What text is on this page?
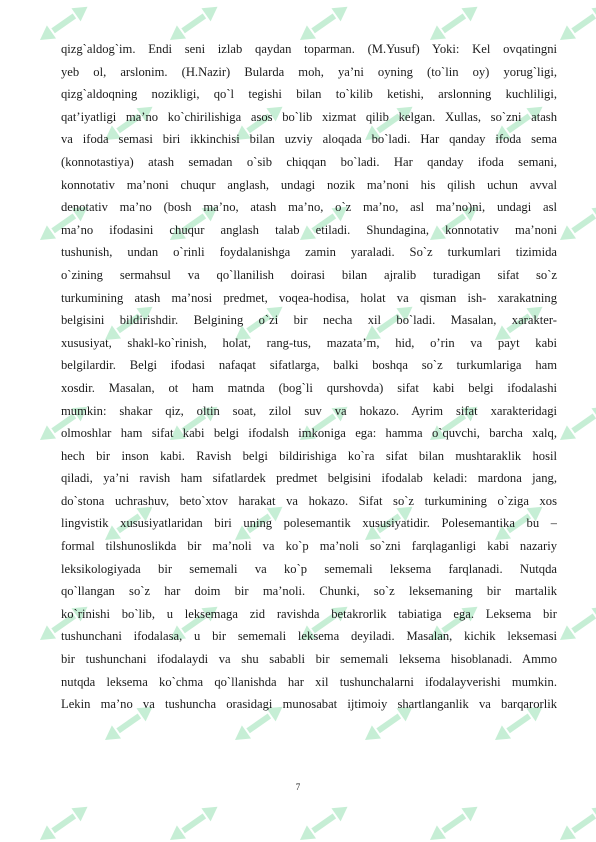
qizg`aldog`im. Endi seni izlab qaydan toparman. (M.Yusuf) Yoki: Kel ovqatingni
yeb ol, arslonim. (H.Nazir) Bularda moh, ya’ni oyning (to`lin oy) yorug`ligi,
qizg`aldoqning nozikligi, qo`l tegishi bilan to`kilib ketishi, arslonning kuchliligi,
qat’iyatligi ma’no ko`chirilishiga asos bo`lib xizmat qilib kelgan. Xullas, so`zni atash
va ifoda semasi biri ikkinchisi bilan uzviy aloqada bo`ladi. Har qanday ifoda sema
(konnotastiya) atash semadan o`sib chiqqan bo`ladi. Har qanday ifoda semani,
konnotativ ma’noni chuqur anglash, undagi nozik ma’noni his qilish uchun avval
denotativ ma’no (bosh ma’no, atash ma’no, o`z ma’no, asl ma’no)ni, undagi asl
ma’no ifodasini chuqur anglash talab etiladi. Shundagina, konnotativ ma’noni
tushunish, undan o`rinli foydalanishga zamin yaraladi. So`z turkumlari tizimida
o`zining sermahsul va qo`llanilish doirasi bilan ajralib turadigan sifat so`z
turkumining atash ma’nosi predmet, voqea-hodisa, holat va qisman ish- xarakatning
belgisini bildirishdir. Belgining o`zi bir necha xil bo`ladi. Masalan, xarakter-
xususiyat, shakl-ko`rinish, holat, rang-tus, mazata’m, hid, o’rin va payt kabi
belgilardir. Belgi ifodasi nafaqat sifatlarga, balki boshqa so`z turkumlariga ham
xosdir. Masalan, ot ham matnda (bog`li qurshovda) sifat kabi belgi ifodalashi
mumkin: shakar qiz, oltin soat, zilol suv va hokazo. Ayrim sifat xarakteridagi
olmoshlar ham sifat kabi belgi ifodalsh imkoniga ega: hamma o`quvchi, barcha xalq,
hech bir inson kabi. Ravish belgi bildirishiga ko`ra sifat bilan mushtaraklik hosil
qiladi, ya’ni ravish ham sifatlardek predmet belgisini ifodalab keladi: mardona jang,
do`stona uchrashuv, beto`xtov harakat va hokazo. Sifat so`z turkumining o`ziga xos
lingvistik xususiyatlaridan biri uning polesemantik xususiyatidir. Polesemantika bu –
formal tilshunoslikda bir ma’noli va ko`p ma’noli so`zni farqlaganligi kabi nazariy
leksikologiyada bir sememali va ko`p sememali leksema farqlanadi. Nutqda
qo`llangan so`z har doim bir ma’noli. Chunki, so`z leksemaning bir martalik
ko`rinishi bo`lib, u leksemaga zid ravishda betakrorlik tabiatiga ega. Leksema bir
tushunchani ifodalasa, u bir sememali leksema deyiladi. Masalan, kichik leksemasi
bir tushunchani ifodalaydi va shu sababli bir sememali leksema hisoblanadi. Ammo
nutqda leksema ko`chma qo`llanishda har xil tushunchalarni ifodalayverishi mumkin.
Lekin ma’no va tushuncha orasidagi munosabat ijtimoiy shartlanganlik va barqarorlik
7
